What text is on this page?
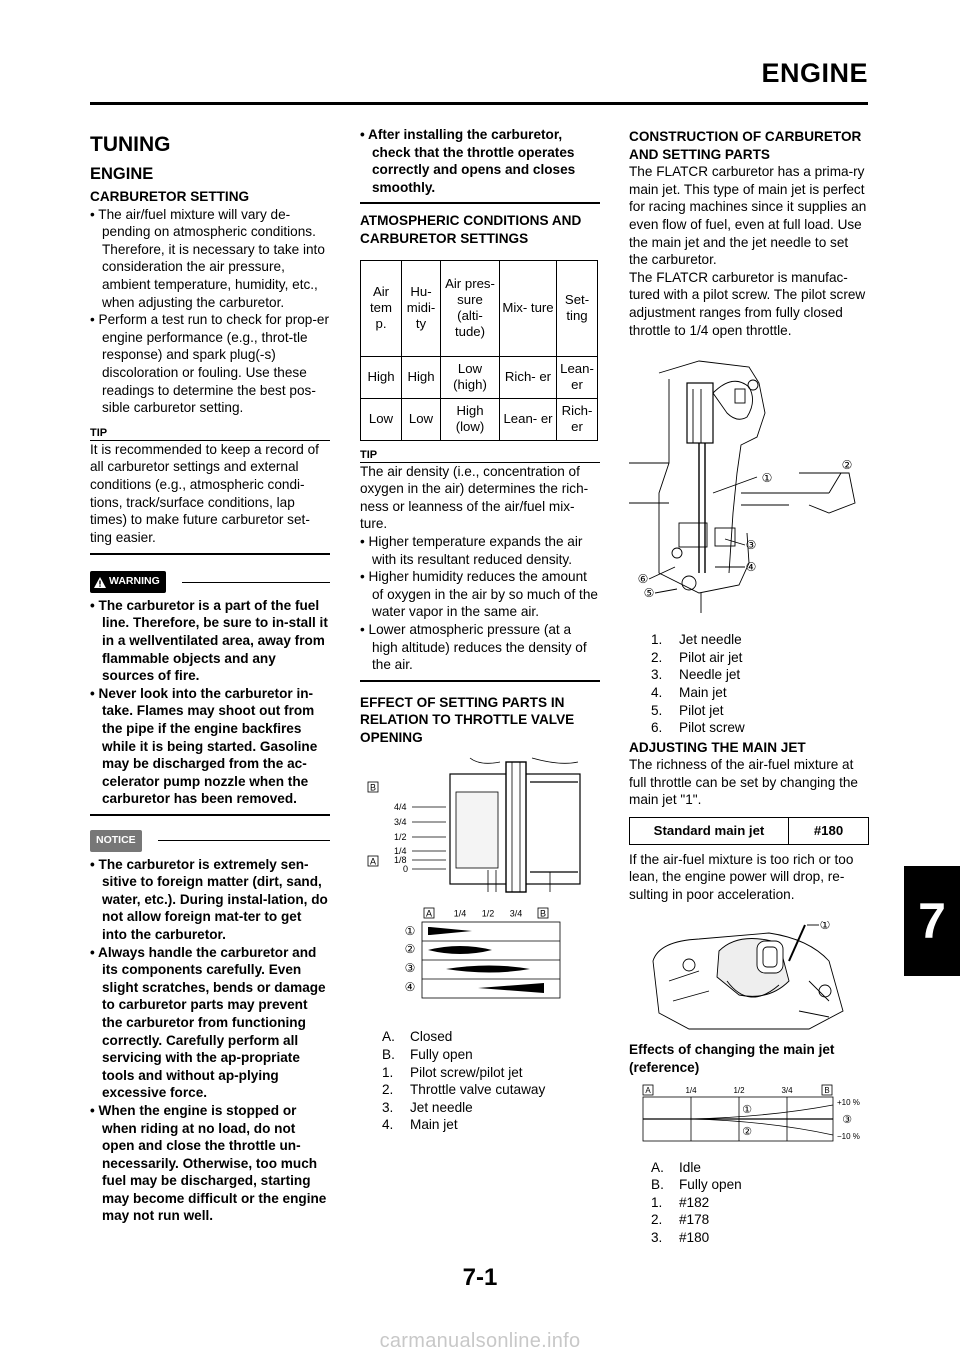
ENGINE
7
TUNING
ENGINE
CARBURETOR SETTING

• The air/fuel mixture will vary de-pending on atmospheric conditions. Therefore, it is necessary to take into consideration the air pressure, ambient temperature, humidity, etc., when adjusting the carburetor.

• Perform a test run to check for prop-er engine performance (e.g., throt-tle response) and spark plug(-s) discoloration or fouling. Use these readings to determine the best pos-sible carburetor setting.

TIP

It is recommended to keep a record of all carburetor settings and external conditions (e.g., atmospheric condi-tions, track/surface conditions, lap times) to make future carburetor set-ting easier.

WARNING

• The carburetor is a part of the fuel line. Therefore, be sure to in-stall it in a wellventilated area, away from flammable objects and any sources of fire.

• Never look into the carburetor in-take. Flames may shoot out from the pipe if the engine backfires while it is being started. Gasoline may be discharged from the ac-celerator pump nozzle when the carburetor has been removed.

NOTICE

• The carburetor is extremely sen-sitive to foreign matter (dirt, sand, water, etc.). During instal-lation, do not allow foreign mat-ter to get into the carburetor.

• Always handle the carburetor and its components carefully. Even slight scratches, bends or damage to carburetor parts may prevent the carburetor from functioning correctly. Carefully perform all servicing with the ap-propriate tools and without ap-plying excessive force.

• When the engine is stopped or when riding at no load, do not open and close the throttle un-necessarily. Otherwise, too much fuel may be discharged, starting may become difficult or the engine may not run well.

• After installing the carburetor, check that the throttle operates correctly and opens and closes smoothly.

ATMOSPHERIC CONDITIONS AND CARBURETOR SETTINGS
Air tem p.	Hu- midi- ty	Air pres- sure (alti- tude)	Mix- ture	Set- ting
High	High	Low (high)	Rich- er	Lean- er
Low	Low	High (low)	Lean- er	Rich- er
TIP

The air density (i.e., concentration of oxygen in the air) determines the rich-ness or leanness of the air/fuel mix-ture.

• Higher temperature expands the air with its resultant reduced density.

• Higher humidity reduces the amount of oxygen in the air by so much of the water vapor in the same air.

• Lower atmospheric pressure (at a high altitude) reduces the density of the air.

EFFECT OF SETTING PARTS IN RELATION TO THROTTLE VALVE OPENING
B
A
4/4
3/4
1/2
1/4
1/8
0
A 1/4 1/2 3/4 B
①
②
③
④
A.	Closed
B.	Fully open
1.	Pilot screw/pilot jet
2.	Throttle valve cutaway
3.	Jet needle
4.	Main jet
CONSTRUCTION OF CARBURETOR AND SETTING PARTS

The FLATCR carburetor has a prima-ry main jet. This type of main jet is perfect for racing machines since it supplies an even flow of fuel, even at full load. Use the main jet and the jet needle to set the carburetor.

The FLATCR carburetor is manufac-tured with a pilot screw. The pilot screw adjustment ranges from fully closed throttle to 1/4 open throttle.

①
②
③
④
⑤
⑥
1.	Jet needle
2.	Pilot air jet
3.	Needle jet
4.	Main jet
5.	Pilot jet
6.	Pilot screw
ADJUSTING THE MAIN JET

The richness of the air-fuel mixture at full throttle can be set by changing the main jet "1".

Standard main jet	#180

If the air-fuel mixture is too rich or too lean, the engine power will drop, re-sulting in poor acceleration.

①
Effects of changing the main jet (reference)
A	1/4	1/2	3/4	B
+10 %
−10 %
①
②
③
A.	Idle
B.	Fully open
1.	#182
2.	#178
3.	#180
7-1
carmanualsonline.info
